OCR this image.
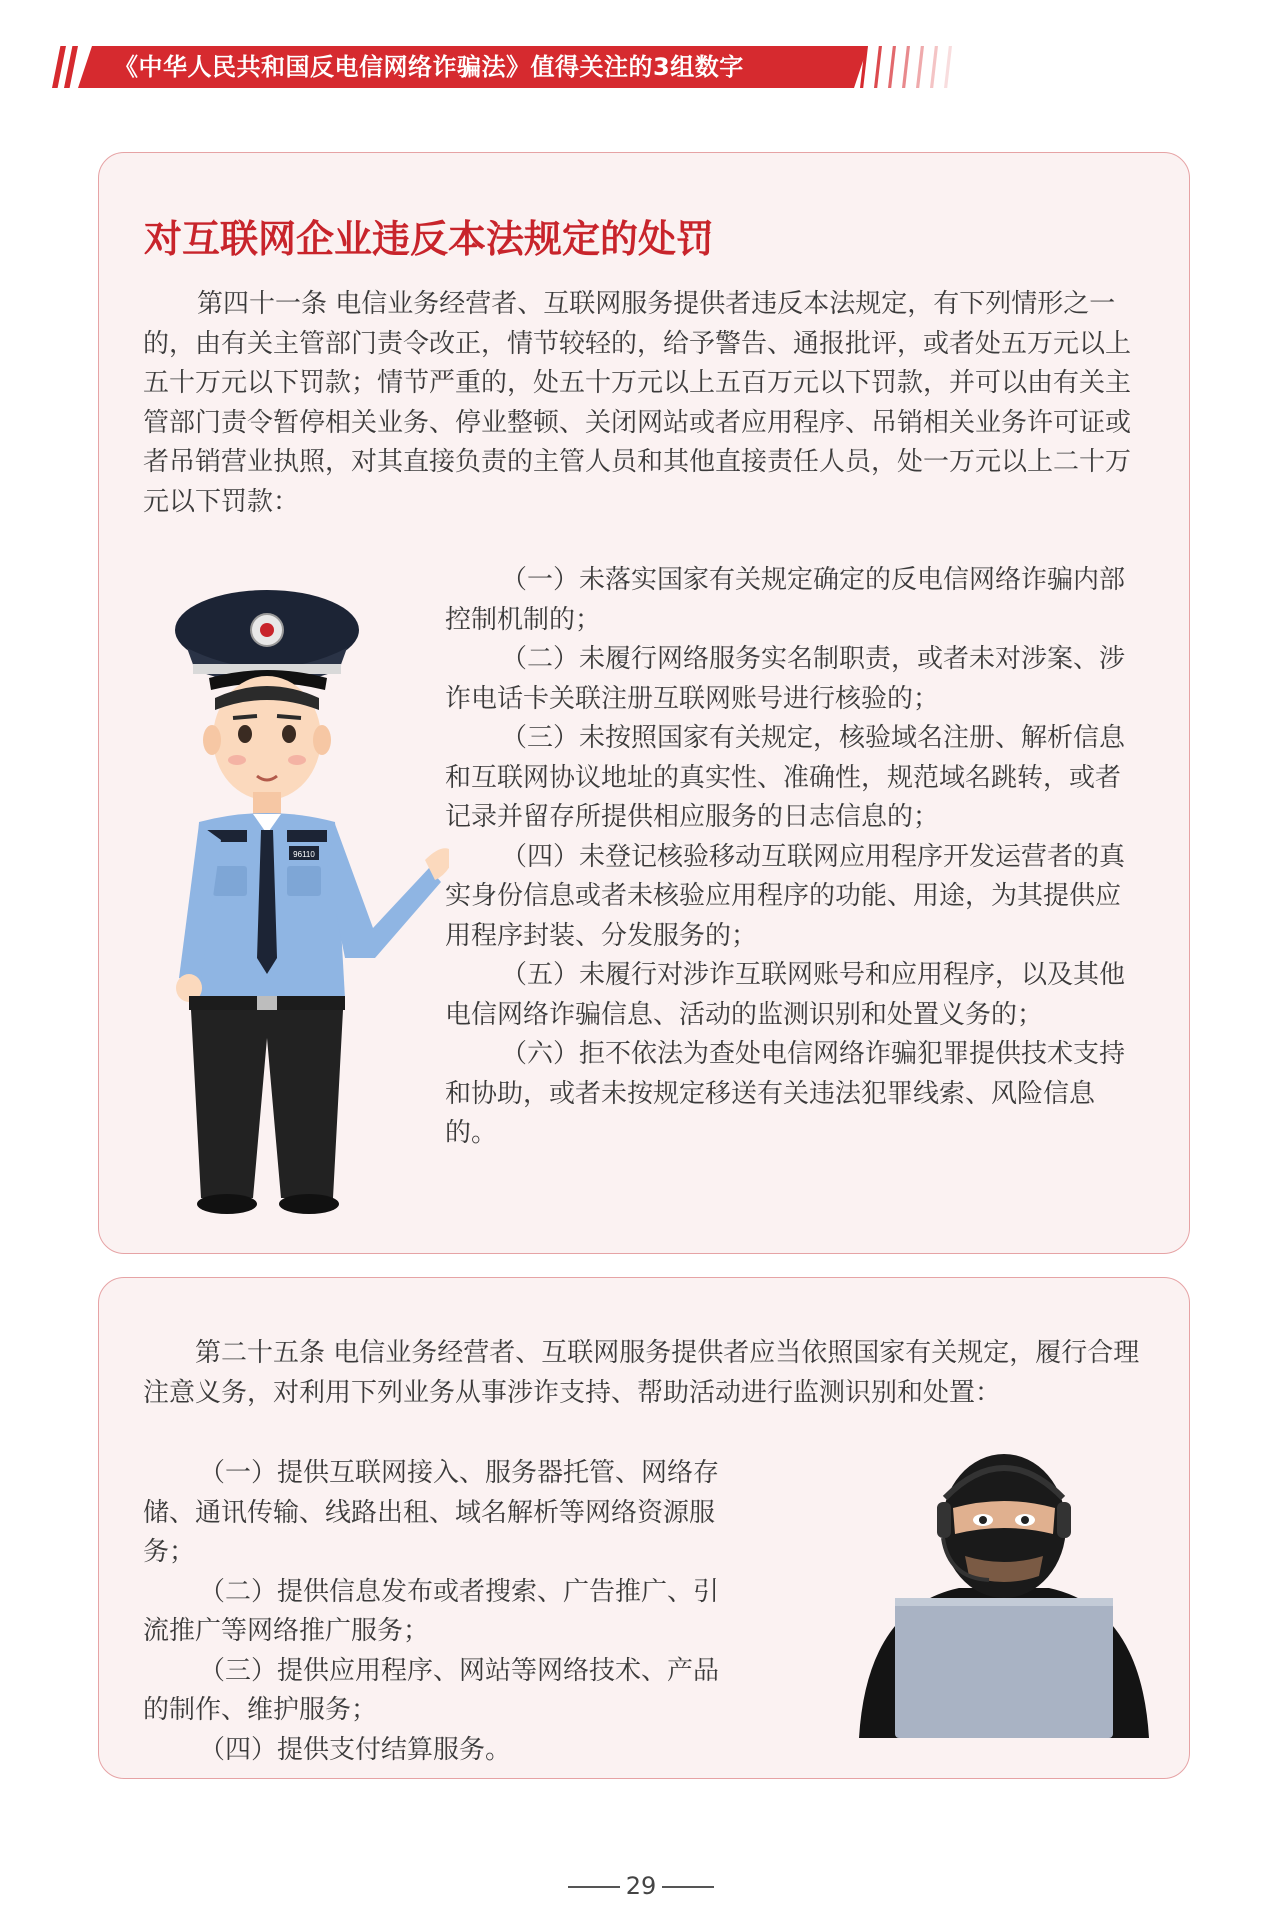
《中华人民共和国反电信网络诈骗法》值得关注的3组数字
对互联网企业违反本法规定的处罚

第四十一条 电信业务经营者、互联网服务提供者违反本法规定，有下列情形之一的，由有关主管部门责令改正，情节较轻的，给予警告、通报批评，或者处五万元以上五十万元以下罚款；情节严重的，处五十万元以上五百万元以下罚款，并可以由有关主管部门责令暂停相关业务、停业整顿、关闭网站或者应用程序、吊销相关业务许可证或者吊销营业执照，对其直接负责的主管人员和其他直接责任人员，处一万元以上二十万元以下罚款：

96110
（一）未落实国家有关规定确定的反电信网络诈骗内部控制机制的；
（二）未履行网络服务实名制职责，或者未对涉案、涉诈电话卡关联注册互联网账号进行核验的；
（三）未按照国家有关规定，核验域名注册、解析信息和互联网协议地址的真实性、准确性，规范域名跳转，或者记录并留存所提供相应服务的日志信息的；
（四）未登记核验移动互联网应用程序开发运营者的真实身份信息或者未核验应用程序的功能、用途，为其提供应用程序封装、分发服务的；
（五）未履行对涉诈互联网账号和应用程序，以及其他电信网络诈骗信息、活动的监测识别和处置义务的；
（六）拒不依法为查处电信网络诈骗犯罪提供技术支持和协助，或者未按规定移送有关违法犯罪线索、风险信息的。

第二十五条 电信业务经营者、互联网服务提供者应当依照国家有关规定，履行合理注意义务，对利用下列业务从事涉诈支持、帮助活动进行监测识别和处置：

（一）提供互联网接入、服务器托管、网络存储、通讯传输、线路出租、域名解析等网络资源服务；
（二）提供信息发布或者搜索、广告推广、引流推广等网络推广服务；
（三）提供应用程序、网站等网络技术、产品的制作、维护服务；
（四）提供支付结算服务。
29
